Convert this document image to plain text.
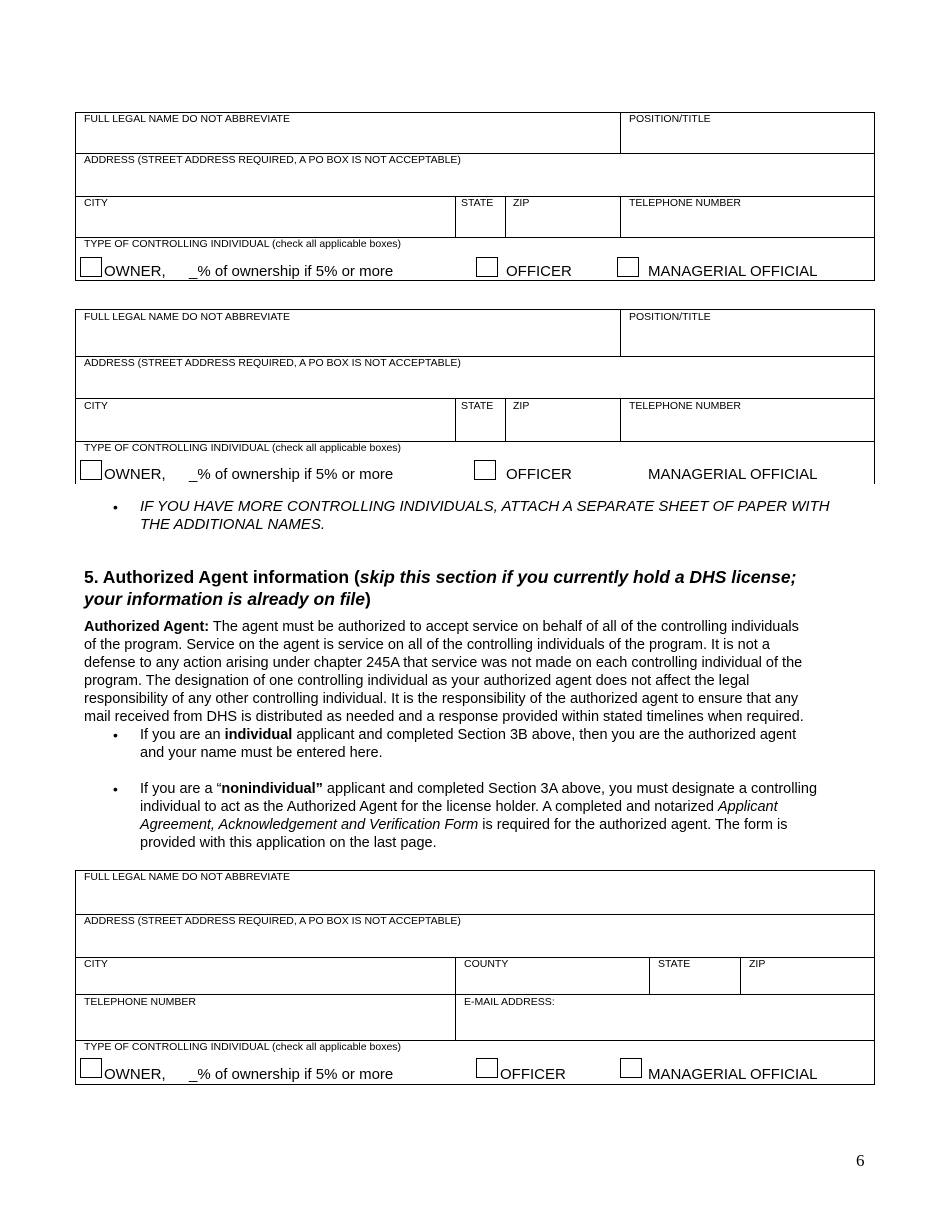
FULL LEGAL NAME DO NOT ABBREVIATE	POSITION/TITLE
ADDRESS (STREET ADDRESS REQUIRED, A PO BOX IS NOT ACCEPTABLE)
CITY	STATE ZIP	TELEPHONE NUMBER
TYPE OF CONTROLLING INDIVIDUAL (check all applicable boxes)
OWNER, _% of ownership if 5% or more	OFFICER	MANAGERIAL OFFICIAL
FULL LEGAL NAME DO NOT ABBREVIATE	POSITION/TITLE
ADDRESS (STREET ADDRESS REQUIRED, A PO BOX IS NOT ACCEPTABLE)
CITY	STATE ZIP	TELEPHONE NUMBER
TYPE OF CONTROLLING INDIVIDUAL (check all applicable boxes)
OWNER, _% of ownership if 5% or more	OFFICER	MANAGERIAL OFFICIAL
• IF YOU HAVE MORE CONTROLLING INDIVIDUALS, ATTACH A SEPARATE SHEET OF PAPER WITH
THE ADDITIONAL NAMES.
5. Authorized Agent information (skip this section if you currently hold a DHS license;
your information is already on file)
Authorized Agent: The agent must be authorized to accept service on behalf of all of the controlling individuals
of the program. Service on the agent is service on all of the controlling individuals of the program. It is not a
defense to any action arising under chapter 245A that service was not made on each controlling individual of the
program. The designation of one controlling individual as your authorized agent does not affect the legal
responsibility of any other controlling individual. It is the responsibility of the authorized agent to ensure that any
mail received from DHS is distributed as needed and a response provided within stated timelines when required.
• If you are an individual applicant and completed Section 3B above, then you are the authorized agent
and your name must be entered here.
• If you are a “nonindividual” applicant and completed Section 3A above, you must designate a controlling
individual to act as the Authorized Agent for the license holder. A completed and notarized Applicant
Agreement, Acknowledgement and Verification Form is required for the authorized agent. The form is
provided with this application on the last page.
FULL LEGAL NAME DO NOT ABBREVIATE
ADDRESS (STREET ADDRESS REQUIRED, A PO BOX IS NOT ACCEPTABLE)
CITY	COUNTY	STATE	ZIP
TELEPHONE NUMBER	E-MAIL ADDRESS:
TYPE OF CONTROLLING INDIVIDUAL (check all applicable boxes)
OWNER, _% of ownership if 5% or more	OFFICER	MANAGERIAL OFFICIAL
6
